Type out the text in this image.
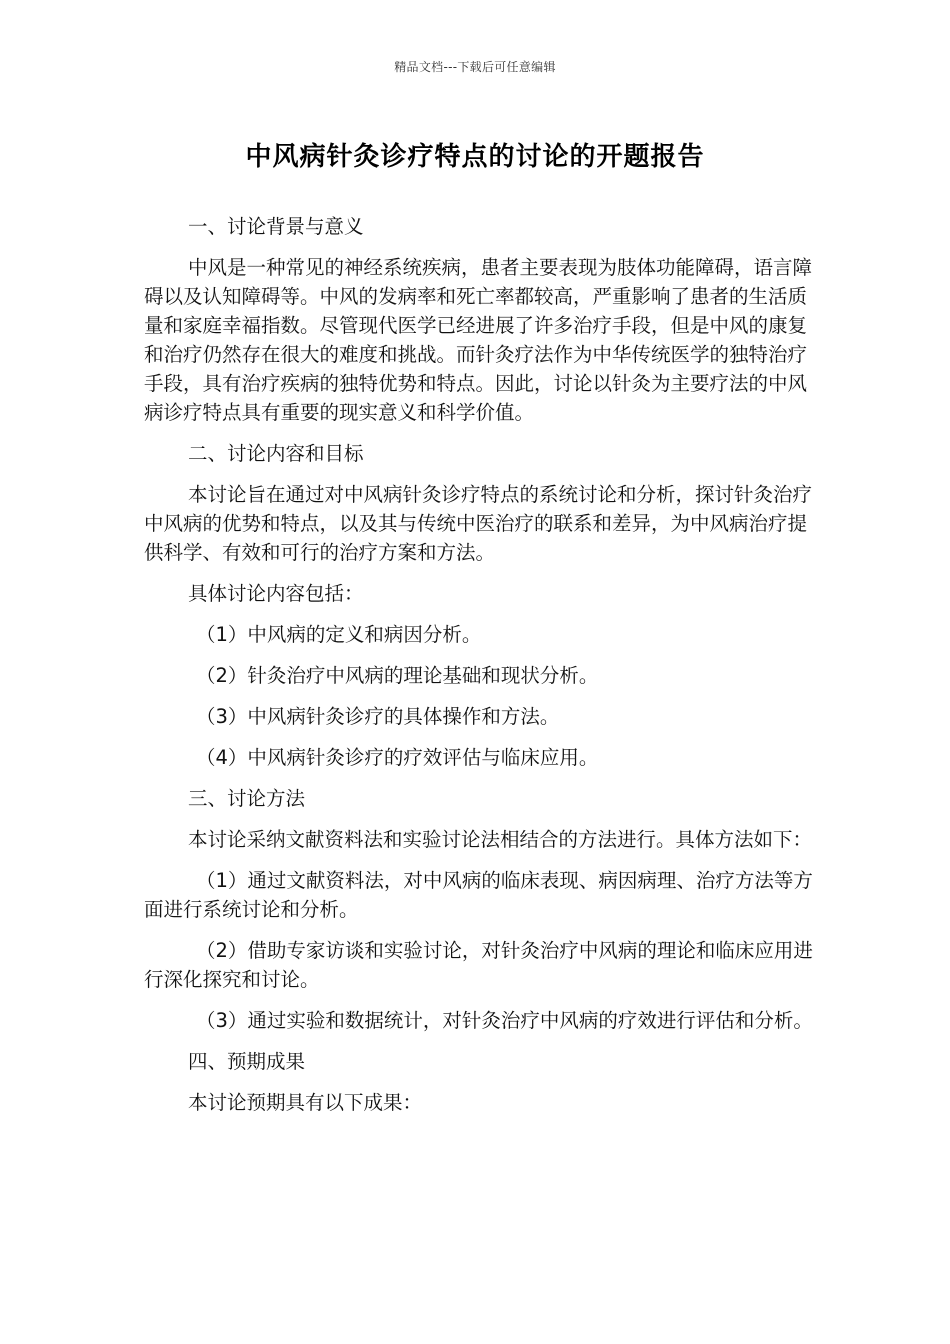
精品文档---下载后可任意编辑
中风病针灸诊疗特点的讨论的开题报告

一、讨论背景与意义

中风是一种常见的神经系统疾病，患者主要表现为肢体功能障碍，语言障碍以及认知障碍等。中风的发病率和死亡率都较高，严重影响了患者的生活质量和家庭幸福指数。尽管现代医学已经进展了许多治疗手段，但是中风的康复和治疗仍然存在很大的难度和挑战。而针灸疗法作为中华传统医学的独特治疗手段，具有治疗疾病的独特优势和特点。因此，讨论以针灸为主要疗法的中风病诊疗特点具有重要的现实意义和科学价值。

二、讨论内容和目标

本讨论旨在通过对中风病针灸诊疗特点的系统讨论和分析，探讨针灸治疗中风病的优势和特点，以及其与传统中医治疗的联系和差异，为中风病治疗提供科学、有效和可行的治疗方案和方法。

具体讨论内容包括：

（1）中风病的定义和病因分析。

（2）针灸治疗中风病的理论基础和现状分析。

（3）中风病针灸诊疗的具体操作和方法。

（4）中风病针灸诊疗的疗效评估与临床应用。

三、讨论方法

本讨论采纳文献资料法和实验讨论法相结合的方法进行。具体方法如下：

（1）通过文献资料法，对中风病的临床表现、病因病理、治疗方法等方面进行系统讨论和分析。

（2）借助专家访谈和实验讨论，对针灸治疗中风病的理论和临床应用进行深化探究和讨论。

（3）通过实验和数据统计，对针灸治疗中风病的疗效进行评估和分析。

四、预期成果

本讨论预期具有以下成果：
